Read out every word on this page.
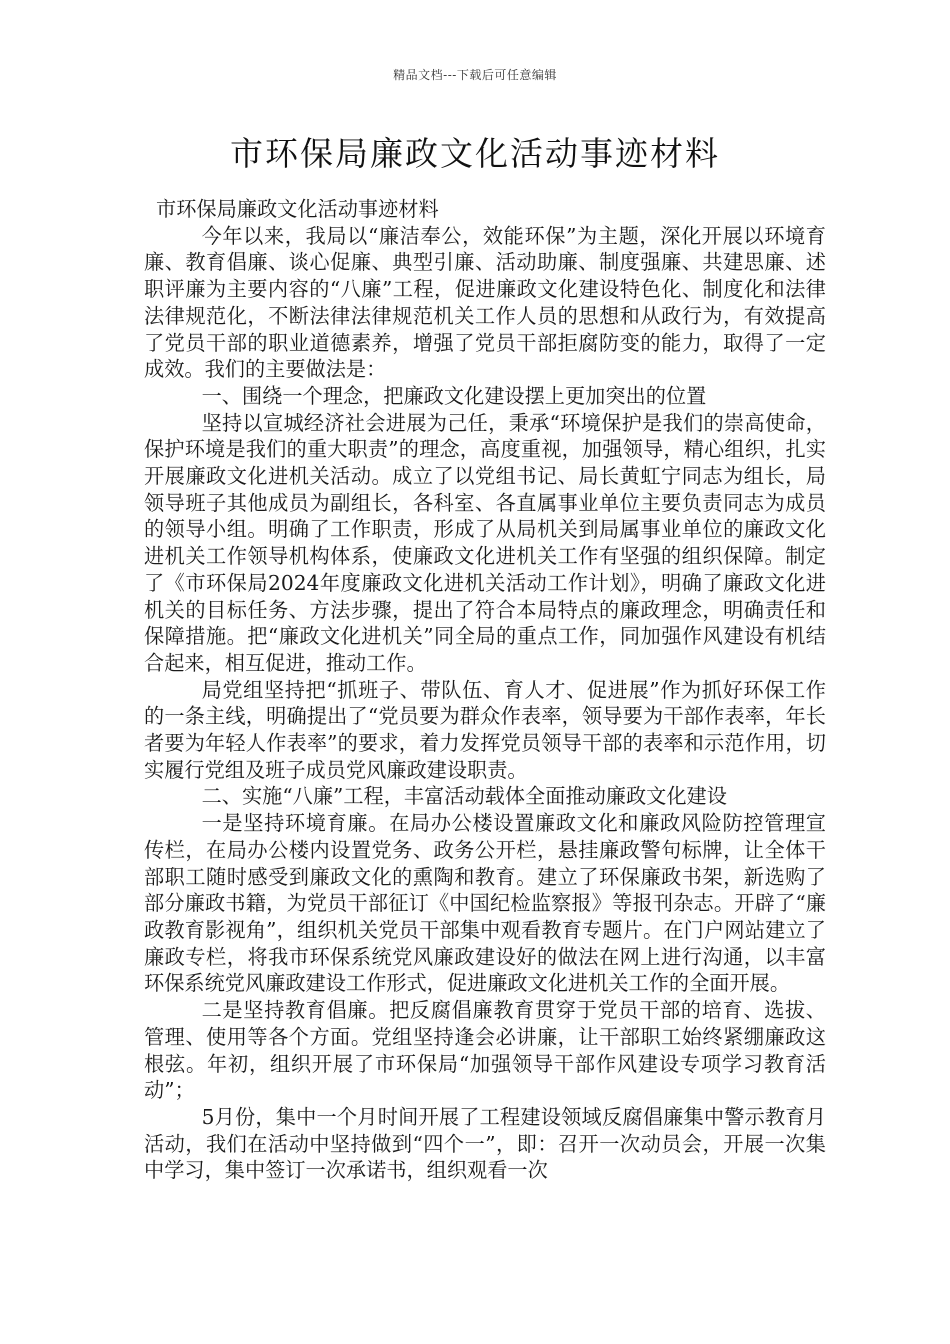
精品文档---下载后可任意编辑
市环保局廉政文化活动事迹材料

市环保局廉政文化活动事迹材料

今年以来，我局以“廉洁奉公，效能环保”为主题，深化开展以环境育廉、教育倡廉、谈心促廉、典型引廉、活动助廉、制度强廉、共建思廉、述职评廉为主要内容的“八廉”工程，促进廉政文化建设特色化、制度化和法律法律规范化，不断法律法律规范机关工作人员的思想和从政行为，有效提高了党员干部的职业道德素养，增强了党员干部拒腐防变的能力，取得了一定成效。我们的主要做法是：

一、围绕一个理念，把廉政文化建设摆上更加突出的位置

坚持以宣城经济社会进展为己任，秉承“环境保护是我们的崇高使命，保护环境是我们的重大职责”的理念，高度重视，加强领导，精心组织，扎实开展廉政文化进机关活动。成立了以党组书记、局长黄虹宁同志为组长，局领导班子其他成员为副组长，各科室、各直属事业单位主要负责同志为成员的领导小组。明确了工作职责，形成了从局机关到局属事业单位的廉政文化进机关工作领导机构体系，使廉政文化进机关工作有坚强的组织保障。制定了《市环保局2024年度廉政文化进机关活动工作计划》，明确了廉政文化进机关的目标任务、方法步骤，提出了符合本局特点的廉政理念，明确责任和保障措施。把“廉政文化进机关”同全局的重点工作，同加强作风建设有机结合起来，相互促进，推动工作。

局党组坚持把“抓班子、带队伍、育人才、促进展”作为抓好环保工作的一条主线，明确提出了“党员要为群众作表率，领导要为干部作表率，年长者要为年轻人作表率”的要求，着力发挥党员领导干部的表率和示范作用，切实履行党组及班子成员党风廉政建设职责。

二、实施“八廉”工程，丰富活动载体全面推动廉政文化建设

一是坚持环境育廉。在局办公楼设置廉政文化和廉政风险防控管理宣传栏，在局办公楼内设置党务、政务公开栏，悬挂廉政警句标牌，让全体干部职工随时感受到廉政文化的熏陶和教育。建立了环保廉政书架，新选购了部分廉政书籍，为党员干部征订《中国纪检监察报》等报刊杂志。开辟了“廉政教育影视角”，组织机关党员干部集中观看教育专题片。在门户网站建立了廉政专栏，将我市环保系统党风廉政建设好的做法在网上进行沟通，以丰富环保系统党风廉政建设工作形式，促进廉政文化进机关工作的全面开展。

二是坚持教育倡廉。把反腐倡廉教育贯穿于党员干部的培育、选拔、管理、使用等各个方面。党组坚持逢会必讲廉，让干部职工始终紧绷廉政这根弦。年初，组织开展了市环保局“加强领导干部作风建设专项学习教育活动”；

5月份，集中一个月时间开展了工程建设领域反腐倡廉集中警示教育月活动，我们在活动中坚持做到“四个一”，即：召开一次动员会，开展一次集中学习，集中签订一次承诺书，组织观看一次
